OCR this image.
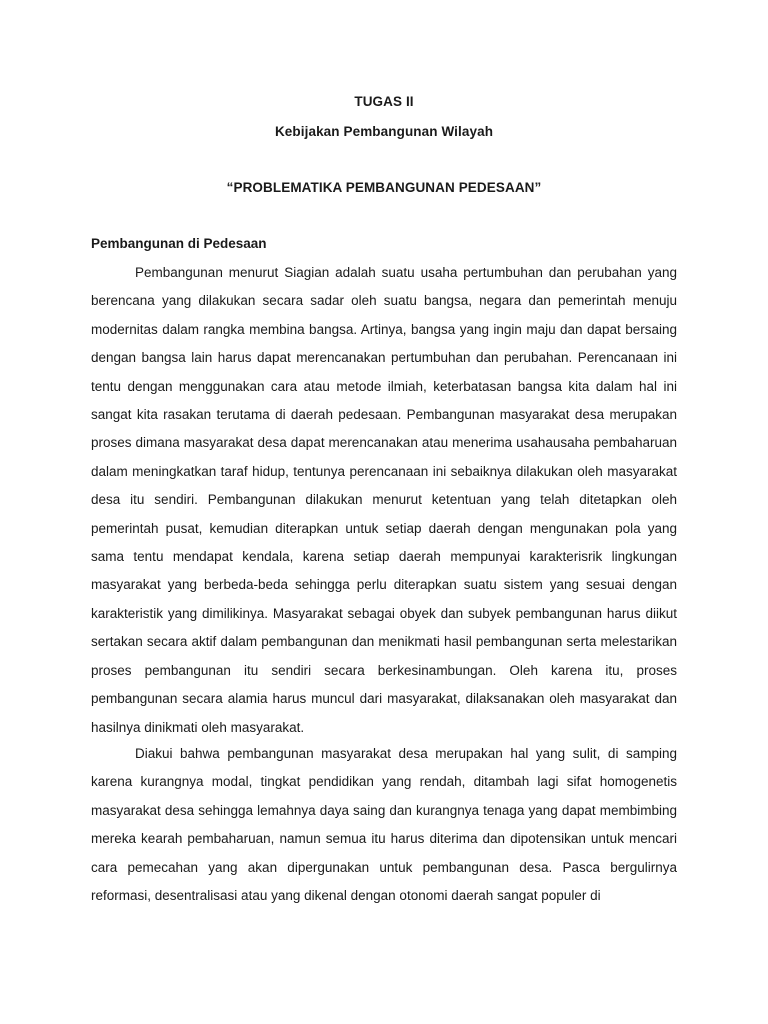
TUGAS II
Kebijakan Pembangunan Wilayah
“PROBLEMATIKA PEMBANGUNAN PEDESAAN”
Pembangunan di Pedesaan

Pembangunan menurut Siagian adalah suatu usaha pertumbuhan dan perubahan yang berencana yang dilakukan secara sadar oleh suatu bangsa, negara dan pemerintah menuju modernitas dalam rangka membina bangsa. Artinya, bangsa yang ingin maju dan dapat bersaing dengan bangsa lain harus dapat merencanakan pertumbuhan dan perubahan. Perencanaan ini tentu dengan menggunakan cara atau metode ilmiah, keterbatasan bangsa kita dalam hal ini sangat kita rasakan terutama di daerah pedesaan. Pembangunan masyarakat desa merupakan proses dimana masyarakat desa dapat merencanakan atau menerima usahausaha pembaharuan dalam meningkatkan taraf hidup, tentunya perencanaan ini sebaiknya dilakukan oleh masyarakat desa itu sendiri. Pembangunan dilakukan menurut ketentuan yang telah ditetapkan oleh pemerintah pusat, kemudian diterapkan untuk setiap daerah dengan mengunakan pola yang sama tentu mendapat kendala, karena setiap daerah mempunyai karakterisrik lingkungan masyarakat yang berbeda-beda sehingga perlu diterapkan suatu sistem yang sesuai dengan karakteristik yang dimilikinya. Masyarakat sebagai obyek dan subyek pembangunan harus diikut sertakan secara aktif dalam pembangunan dan menikmati hasil pembangunan serta melestarikan proses pembangunan itu sendiri secara berkesinambungan. Oleh karena itu, proses pembangunan secara alamia harus muncul dari masyarakat, dilaksanakan oleh masyarakat dan hasilnya dinikmati oleh masyarakat.

Diakui bahwa pembangunan masyarakat desa merupakan hal yang sulit, di samping karena kurangnya modal, tingkat pendidikan yang rendah, ditambah lagi sifat homogenetis masyarakat desa sehingga lemahnya daya saing dan kurangnya tenaga yang dapat membimbing mereka kearah pembaharuan, namun semua itu harus diterima dan dipotensikan untuk mencari cara pemecahan yang akan dipergunakan untuk pembangunan desa. Pasca bergulirnya reformasi, desentralisasi atau yang dikenal dengan otonomi daerah sangat populer di
